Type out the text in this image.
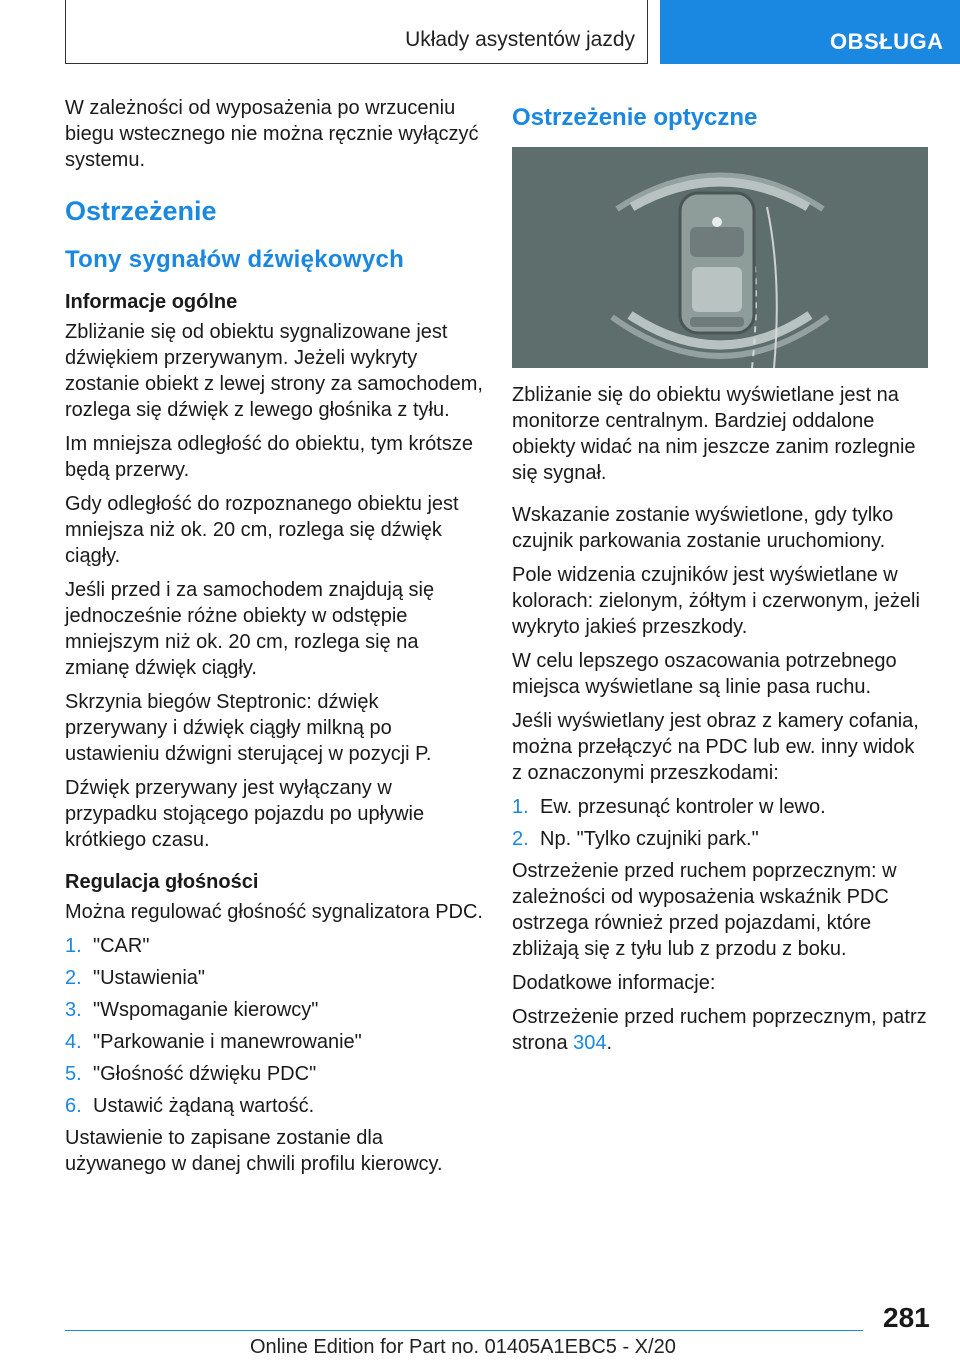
Układy asystentów jazdy	OBSŁUGA

W zależności od wyposażenia po wrzuceniu biegu wstecznego nie można ręcznie wyłączyć systemu.

Ostrzeżenie
Tony sygnałów dźwiękowych
Informacje ogólne

Zbliżanie się od obiektu sygnalizowane jest dźwiękiem przerywanym. Jeżeli wykryty zostanie obiekt z lewej strony za samochodem, rozlega się dźwięk z lewego głośnika z tyłu.

Im mniejsza odległość do obiektu, tym krótsze będą przerwy.

Gdy odległość do rozpoznanego obiektu jest mniejsza niż ok. 20 cm, rozlega się dźwięk ciągły.

Jeśli przed i za samochodem znajdują się jednocześnie różne obiekty w odstępie mniejszym niż ok. 20 cm, rozlega się na zmianę dźwięk ciągły.

Skrzynia biegów Steptronic: dźwięk przerywany i dźwięk ciągły milkną po ustawieniu dźwigni sterującej w pozycji P.

Dźwięk przerywany jest wyłączany w przypadku stojącego pojazdu po upływie krótkiego czasu.

Regulacja głośności

Można regulować głośność sygnalizatora PDC.

1. "CAR"
2. "Ustawienia"
3. "Wspomaganie kierowcy"
4. "Parkowanie i manewrowanie"
5. "Głośność dźwięku PDC"
6. Ustawić żądaną wartość.

Ustawienie to zapisane zostanie dla używanego w danej chwili profilu kierowcy.

Ostrzeżenie optyczne

Zbliżanie się do obiektu wyświetlane jest na monitorze centralnym. Bardziej oddalone obiekty widać na nim jeszcze zanim rozlegnie się sygnał.

Wskazanie zostanie wyświetlone, gdy tylko czujnik parkowania zostanie uruchomiony.

Pole widzenia czujników jest wyświetlane w kolorach: zielonym, żółtym i czerwonym, jeżeli wykryto jakieś przeszkody.

W celu lepszego oszacowania potrzebnego miejsca wyświetlane są linie pasa ruchu.

Jeśli wyświetlany jest obraz z kamery cofania, można przełączyć na PDC lub ew. inny widok z oznaczonymi przeszkodami:

1. Ew. przesunąć kontroler w lewo.
2. Np. "Tylko czujniki park."

Ostrzeżenie przed ruchem poprzecznym: w zależności od wyposażenia wskaźnik PDC ostrzega również przed pojazdami, które zbliżają się z tyłu lub z przodu z boku.

Dodatkowe informacje:

Ostrzeżenie przed ruchem poprzecznym, patrz strona 304.

281
Online Edition for Part no. 01405A1EBC5 - X/20
